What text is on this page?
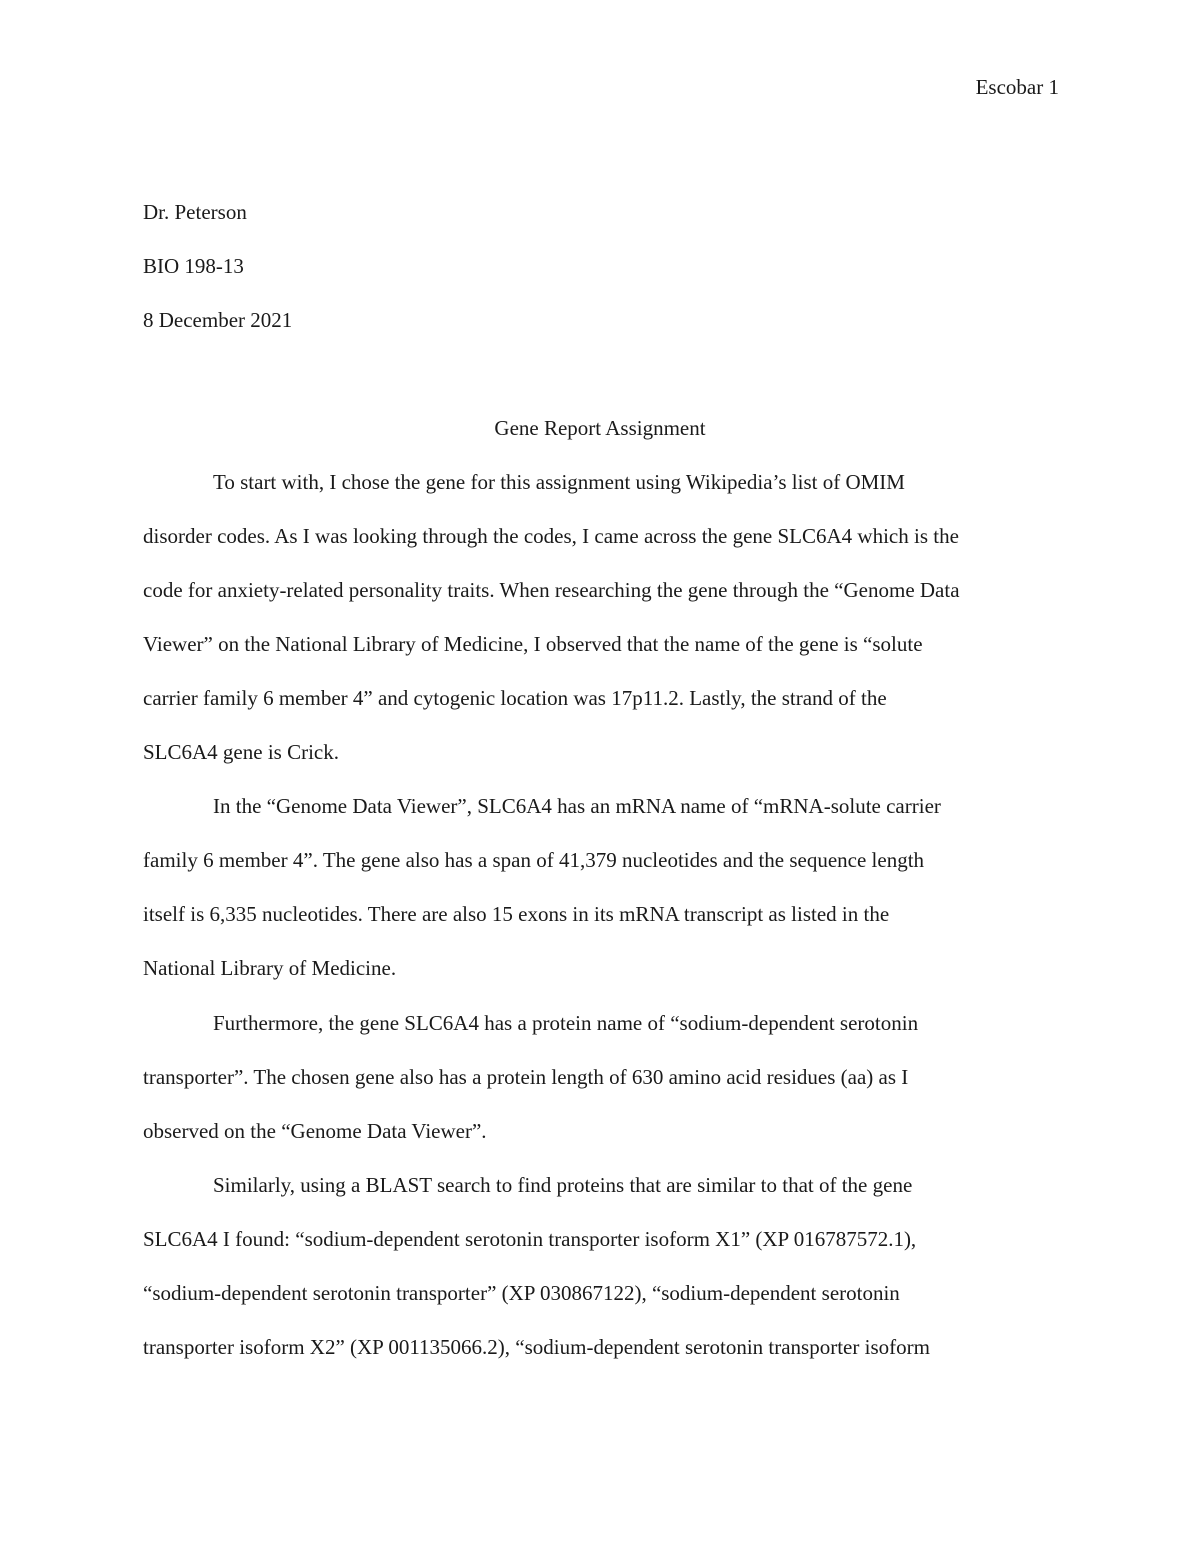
Escobar 1
Dr. Peterson
BIO 198-13
8 December 2021
Gene Report Assignment
To start with, I chose the gene for this assignment using Wikipedia’s list of OMIM
disorder codes. As I was looking through the codes, I came across the gene SLC6A4 which is the
code for anxiety-related personality traits. When researching the gene through the “Genome Data
Viewer” on the National Library of Medicine, I observed that the name of the gene is “solute
carrier family 6 member 4” and cytogenic location was 17p11.2. Lastly, the strand of the
SLC6A4 gene is Crick.
In the “Genome Data Viewer”, SLC6A4 has an mRNA name of “mRNA-solute carrier
family 6 member 4”. The gene also has a span of 41,379 nucleotides and the sequence length
itself is 6,335 nucleotides. There are also 15 exons in its mRNA transcript as listed in the
National Library of Medicine.
Furthermore, the gene SLC6A4 has a protein name of “sodium-dependent serotonin
transporter”. The chosen gene also has a protein length of 630 amino acid residues (aa) as I
observed on the “Genome Data Viewer”.
Similarly, using a BLAST search to find proteins that are similar to that of the gene
SLC6A4 I found: “sodium-dependent serotonin transporter isoform X1” (XP 016787572.1),
“sodium-dependent serotonin transporter” (XP 030867122), “sodium-dependent serotonin
transporter isoform X2” (XP 001135066.2), “sodium-dependent serotonin transporter isoform
